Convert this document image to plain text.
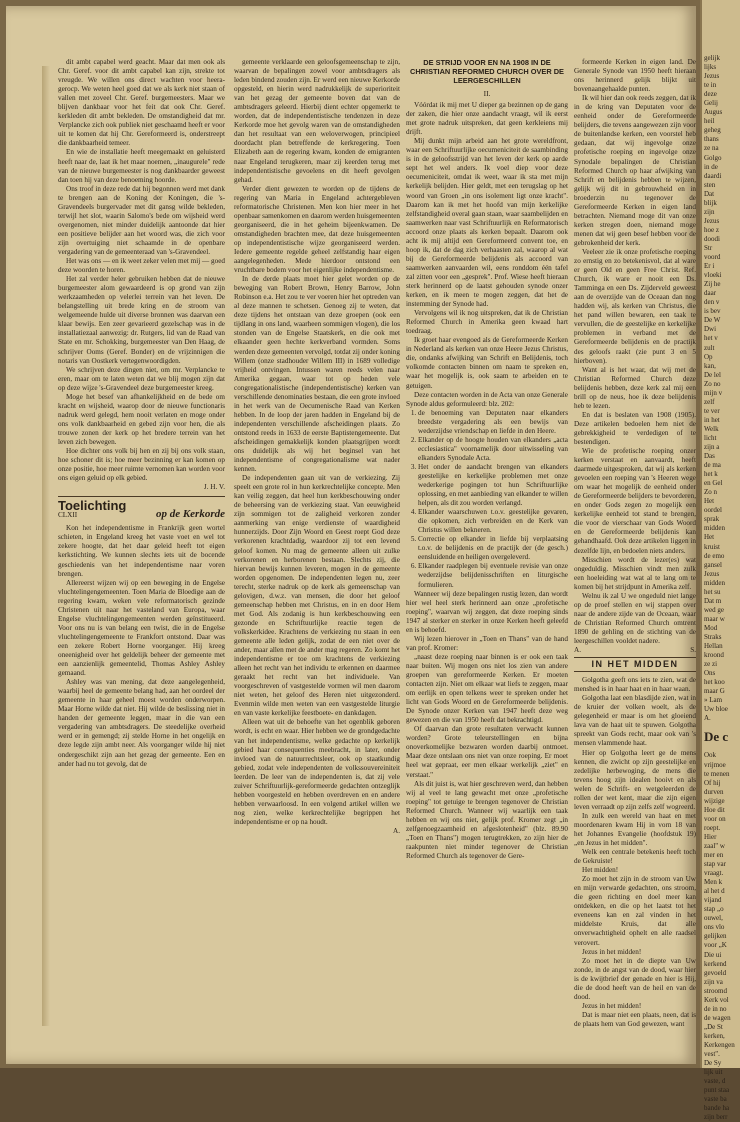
dit ambt capabel werd geacht. Maar dat men ook als Chr. Geref. voor dit ambt capabel kan zijn, strekte tot vreugde. We willen ons direct wachten voor heera-gerocp. We weten heel goed dat we als kerk niet staan of vallen met zoveel Chr. Geref. burgemeesters. Maar we blijven dankbaar voor het feit dat ook Chr. Geref. kerkleden dit ambt bekleden. De omstandigheid dat mr. Verplancke zich ook publiek niet geschaamd heeft er voor uit te komen dat hij Chr. Gereformeerd is, onderstreept die dankbaarheid temeer.

En wie de installatie heeft meegemaakt en geluisterd heeft naar de, laat ik het maar noemen, „inaugurele" rede van de nieuwe burgemeester is nog dankbaarder geweest dan toen hij van deze benoeming hoorde.

Ons troof in deze rede dat hij begonnen werd met dank te brengen aan de Koning der Koningen, die 's-Gravendeels burgervader met dit gansg wilde bekleden, terwijl het slot, waarin Salomo's bede om wijsheid werd overgenomen, niet minder duidelijk aantoonde dat hier een positieve belijder aan het woord was, die zich voor zijn overtuiging niet schaamde in de openbare vergadering van de gemeenteraad van 's-Gravendeel.

Het was ons — en ik weet zeker velen met mij — goed deze woorden te horen.

Het zal verder heler gebruiken hebben dat de nieuwe burgemeester alom gewaardeerd is op grond van zijn werkzaamheden op velerlei terrein van het leven. De belangstelling uit brede kring en de stroom van welgemeende hulde uit diverse bronnen was daarvan een klaar bewijs. Een zeer gevarieerd gezelschap was in de installatiezaal aanwezig: dr. Rutgers, lid van de Raad van State en mr. Schokking, burgemeester van Den Haag, de schrijver Ooms (Geref. Bonder) en de vrijzinnigen die notaris van Oostkerk vertegenwoordigden.

We schrijven deze dingen niet, om mr. Verplancke te eren, maar om te laten weten dat we blij mogen zijn dat op deze wijze 's-Gravendeel deze burgemeester kreeg.

Moge het besef van afhankelijkheid en de bede om kracht en wijsheid, waarop door de nieuwe functionaris nadruk werd gelegd, hem nooit verlaten en moge onder ons volk dankbaarheid en gebed zijn voor hen, die als trouwe zonen der kerk op het bredere terrein van het leven zich bewegen.

Hoe dichter ons volk bij hen en zij bij ons volk staan, hoe schoner dit is; hoe meer bezinning er kan komen op onze positie, hoe meer ruimte vernomen kan worden voor ons eigen geluid op elk gebied.

J. H. V.

Toelichting
CLXII	op de Kerkorde

Kon het independentisme in Frankrijk geen wortel schieten, in Engeland kreeg het vaste voet en wel tot zekere hoogte, dat het daar geleid heeft tot eigen kerkstichting. We kunnen slechts iets uit de bocende geschiedenis van het independentisme naar voren brengen.

Allereerst wijzen wij op een beweging in de Engelse vluchtelingengemeenten. Toen Maria de Bloedige aan de regering kwam, weken vele reformatorisch gezinde Christenen uit naar het vasteland van Europa, waar Engelse vluchtelingengemeenten werden geïnstitueerd. Voor ons nu is van belang een twist, die in de Engelse vluchtelingengemeente te Frankfort ontstond. Daar was een zekere Robert Horne voorganger. Hij kreeg oneenigheid over het geldelijk beheer der gemeente met een aanzienlijk gemeentelid, Thomas Ashley Ashley gemaand.

Ashley was van mening, dat deze aangelegenheid, waarbij heel de gemeente belang had, aan het oordeel der gemeente in haar geheel moest worden onderworpen. Maar Horne wilde dat niet. Hij wilde de beslissing niet in handen der gemeente leggen, maar in die van een vergadering van ambtsdragers. De steedelijke overheid werd er in gemengd; zij stelde Horne in het ongelijk en deze legde zijn ambt neer. Als voorganger wilde hij niet ondergeschikt zijn aan het gezag der gemeente. Een en ander had nu tot gevolg, dat de

gemeente verklaarde een geloofsgemeenschap te zijn, waarvan de bepalingen zowel voor ambtsdragers als leden bindend zouden zijn. Er werd een nieuwe Kerkorde opgesteld, en hierin werd nadrukkelijk de superioriteit van het gezag der gemeente boven dat van de ambtsdragers geleerd. Hierbij dient echter opgemerkt te worden, dat de independentistische tendenzen in deze Kerkorde moe het gevolg waren van de omstandigheden dan het resultaat van een weloverwogen, principieel doordacht plan betreffende de kerkregering. Toen Elizabeth aan de regering kwam, konden de emigranten naar Engeland terugkeren, maar zij keerden terug met independentistische gevoelens en dit heeft gevolgen gehad.

Verder dient gewezen te worden op de tijdens de regering van Maria in Engeland achtergebleven reformatorische Christenen. Men kon hier meer in het openbaar samenkomen en daarom werden huisgemeenten georganiseerd, die in het geheim bijeenkwamen. De omstandigheden brachten mee, dat deze huisgemeenten op independentistische wijze georganiseerd werden. Iedere gemeente regelde geheel zelfstandig haar eigen aangelegenheden. Mede hierdoor ontstond een vruchtbare bodem voor het eigenlijke independentisme.

In de derde plaats moet hier gelet worden op de beweging van Robert Brown, Henry Barrow, John Robinson e.a. Het zou te ver voeren hier het optreden van al deze mannen te schetsen. Genoeg zij te weten, dat deze tijdens het ontstaan van deze groepen (ook een tijdlang in ons land, waarheen sommigen vlogen), die los stonden van de Engelse Staatskerk, en die ook met elkaander geen hechte kerkverband vormden. Soms werden deze gemeenten vervolgd, totdat zij onder koning Willem (onze stadhouder Willem III) in 1689 volledige vrijheid ontvingen. Intussen waren reeds velen naar Amerika gegaan, waar tot op heden vele congregationalistische (independentistische) kerken van verschillende denominaties bestaan, die een grote invloed in het werk van de Oecumenische Raad van Kerken hebben. In de loop der jaren hadden in Engeland bij de independenten verschillende afscheidingen plaats. Zo ontstond reeds in 1633 de eerste Baptistengemeente. Dat afscheidingen gemakkelijk konden plaatsgrijpen wordt ons duidelijk als wij het beginsel van het independentisme of congregationalisme wat nader kennen.

De independenten gaan uit van de verkiezing. Zij speelt een grote rol in hun kerkrechtelijke concepte. Men kan veilig zeggen, dat heel hun kerkbeschouwing onder de beheersing van de verkiezing staat. Van eeuwigheid zijn sommigen tot de zaligheid verkoren zonder aanmerking van enige verdienste of waardigheid hunnerzijds. Door Zijn Woord en Geest roept God deze verkorenen krachtdadig, waardoor zij tot een levend geloof komen. Nu mag de gemeente alleen uit zulke verkorenen en herborenen bestaan. Slechts zij, die hiervan bewijs kunnen leveren, mogen in de gemeente worden opgenomen. De independenten legen nu, zeer terecht, sterke nadruk op de kerk als gemeenschap van gelovigen, d.w.z. van mensen, die door het geloof gemeenschap hebben met Christus, en in en door Hem met God. Als zodanig is hun kerkbeschouwing een gezonde en Schriftuurlijke reactie tegen de volkskerkidee. Krachtens de verkiezing nu staan in een gemeente alle leden gelijk, zodat de een niet over de ander, maar allen met de ander mag regeren. Zo komt het independentisme er toe om krachtens de verkiezing alleen het recht van het individu te erkennen en daarmee geraakt het recht van het individuele. Van voorgeschreven of vastgestelde vormen wil men daarom niet weten, het geloof des Heren niet uitgezonderd. Evenmin wilde men weten van een vastgestelde liturgie en van vaste kerkelijke feestboete- en dankdagen.

Alleen wat uit de behoefte van het ogenblik geboren wordt, is echt en waar. Hier hebben we de grondgedachte van het independentisme, welke gedachte op kerkelijk gebied haar consequenties meebracht, in later, onder invloed van de natuurrechtsleer, ook op staatkundig gebied, zodat vele independenten de volkssouvereiniteit leerden. De leer van de independenten is, dat zij vele zuiver Schriftuurlijk-gereformeerde gedachten ontzeglijk hebben voorgesteld en hebben overdreven en en andere hebben verwaarloosd. In een volgend artikel willen we nog zien, welke kerkrechtelijke begrippen het independentisme er op na houdt.

A.

DE STRIJD VOOR EN NA 1908 IN DE CHRISTIAN REFORMED CHURCH OVER DE LEERGESCHILLEN
II.

Vóórdat ik mij met U dieper ga bezinnen op de gang der zaken, die hier onze aandacht vraagt, wil ik eerst met grote nadruk uitspreken, dat geen kerkleiens mij drijft.

Mij dunkt mijn arbeid aan het grote wereldfront, waar een Schriftuurlijke oecumeniciteit de saambinding is in de geloofsstrijd van het leven der kerk op aarde sept het wel anders. Ik voel diep voor deze oecumeniciteit, omdat ik weet, waar ik sta met mijn kerkelijk belijden. Hier geldt, met een terugslag op het woord van Groen „in ons isolement ligt onze kracht". Daarom kan ik met het hoofd van mijn kerkelijke zelfstandigheid overal gaan staan, waar saambelijden en saamwerken naar vast Schriftuurlijk en Reformatorisch accoord onze plaats als kerken bepaalt. Daarom ook acht ik mij altijd een Gereformeerd convent toe, en hoop ik, dat de dag zich verhaasten zal, waarop al wat bij de Gereformeerde belijdenis als accoord van saamwerken aanvaarden wil, eens ronddom één tafel zal zitten voor een „gesprek". Prof. Wiese heeft hieraan sterk herinnerd op de laatst gehouden synode onzer kerken, en ik meen te mogen zeggen, dat het de instemming der Synode had.

Vervolgens wil ik nog uitspreken, dat ik de Christian Reformed Church in Amerika geen kwaad hart toedraag.

Ik groet haar evengoed als de Gereformeerde Kerken in Nederland als kerken van onze Heere Jezus Christus, die, ondanks afwijking van Schrift en Belijdenis, toch volkomde contacten binnen om naam te spreken en, waar het mogelijk is, ook saam te arbeiden en te getuigen.

Deze contacten worden in de Acta van onze Generale Synode aldus geformuleerd: blz. 202:

1. de benoeming van Deputaten naar elkanders breedste vergadering als een bewijs van wederzijdse vriendschap en liefde in den Heere.
2. Elkander op de hoogte houden van elkanders „acta ecclesiastica" voornamelijk door uitwisseling van elkanders Synodale Acta.
3. Het onder de aandacht brengen van elkanders geestelijke en kerkelijke problemen met onze wederkerige pogingen tot hun Schriftuurlijke oplossing, en met aanbieding van elkander te willen helpen, als dit zou worden verlangd.
4. Elkander waarschuwen t.o.v. geestelijke gevaren, die opkomen, zich verbreiden en de Kerk van Christus willen bekneren.
5. Correctie op elkander in liefde bij verplaatsing t.o.v. de belijdenis en de practijk der (de gesch.) eensluidende en heiligen overgeleverd.
6. Elkander raadplegen bij eventuele revisie van onze wederzijdse belijdenisschriften en liturgische formulieren.

Wanneer wij deze bepalingen rustig lezen, dan wordt hier wel heel sterk herinnerd aan onze „profetische roeping", waarvan wij zeggen, dat deze roeping sinds 1947 al sterker en sterker in onze Kerken heeft geleefd en is behoefd.

Wij lezen hierover in „Toen en Thans" van de hand van prof. Kromer:

„naast deze roeping naar binnen is er ook een taak naar buiten. Wij mogen ons niet los zien van andere groepen van gereformeerde Kerken. Er moeten contacten zijn. Niet om elkaar wat liefs te zeggen, maar om eerlijk en open telkens weer te spreken onder het licht van Gods Woord en de Gereformeerde belijdenis. De Synode onzer Kerken van 1947 heeft deze weg gewezen en die van 1950 heeft dat bekrachtigd.

Of daarvan dan grote resultaten verwacht kunnen worden? Grote teleurstellingen en bijna onoverkomelijke bezwaren worden daarbij ontmoet. Maar deze ontslaan ons niet van onze roeping. Er moet heel wat gepraat, eer men elkaar werkelijk „ziet" en verstaat."

Als dit juist is, wat hier geschreven werd, dan hebben wij al veel te lang gewacht met onze „profetische roeping" tot getuige te brengen tegenover de Christian Reformed Church. Wanneer wij waarlijk een taak hebben en wij ons niet, gelijk prof. Kromer zegt „in zelfgenoegzaamheid en afgeslotenheid" (blz. 89.90 „Toen en Thans") mogen terugtrekken, zo zijn hier de raakpunten niet minder tegenover de Christian Reformed Church als tegenover de Gere-

formeerde Kerken in eigen land. De Generale Synode van 1950 heeft hieraan ons herinnerd gelijk blijkt uit bovenaangehaalde punten.

Ik wil hier dan ook reeds zeggen, dat ik in de kring van Deputaten voor de eenheid onder de Gereformeerde belijders, die tevens aangewezen zijn voor de buitenlandse kerken, een voorstel heb gedaan, dat wij ingevolge onze profetische roeping en ingevolge onze Synodale bepalingen de Christian Reformed Church op haar afwijking van Schrift en belijdenis hebben te wijzen, gelijk wij dit in gebrouwheid en in broederzin nu tegenover de Gereformeerde Kerken in eigen land betrachten. Niemand moge dit van onze kerken stregen doen, niemand moge menen dat wij geen besef hebben voor de gebrokenheid der kerk.

Veeleer zie ik onze profetische roeping zo ernstig en zo betekenisvol, dat al ware er geen Old en geen Free Christ. Ref. Church, ik ware er nooit een Ds. Tamminga en een Ds. Zijderveld geweest aan de overzijde van de Oceaan dan nog hadden wij, als kerken van Christus, die het pand willen bewaren, een taak te vervullen, die de geestelijke en kerkelijke problemen in verband met de Gereformeerde belijdenis en de practijk des geloofs raakt (zie punt 3 en 5 hierboven).

Want al is het waar, dat wij met de Christian Reformed Church deze belijdenis hebben, deze kerk zal mij een brill op de neus, hoe ik deze belijdenis heb te lezen.

En dat is beslaten van 1908 (1905). Deze artikelen bedoelen hem niet de gebrekkigheid te verdedigen of te bestendigen.

Wie de profetische roeping onzer kerken verstaat en aanvaardt, heeft daarmede uitgesproken, dat wij als kerken gevoelen een roeping van 's Heeren wege om waar het mogelijk de eenheid onder de Gereformeerde belijders te bevorderen, en onder Gods zegen zo mogelijk een kerkelijke eenheid tot stand te brengen, die voor de vierschaar van Gods Woord en de Gereformeerde belijdenis kan gehandhaafd. Ook deze artikelen liggen in dezelfde lijn, en bedoelen niets anders.

Misschien wordt de lezer(es) wat ongeduldig. Misschien vindt men zulk een hoeleiding wat wat al te lang om te komen bij het strijdpunt in Amerika zelf.

Welnu ik zal U we ongeduld niet lange op de proef stellen en wij stappen over naar de andere zijde van de Oceaan, waar de Christian Reformed Church omtrent 1890 de gehling en de stichting van de leergeschillen vooldet nadere.

A.	S.
IN HET MIDDEN

Golgotha geeft ons iets te zien, wat de menshed is in haar haat en in haar waan.

Golgotha laat een blasdijde zien, wat in de kruier der volken woelt, als de gelegenheid er maar is om het gloeiend lava van de haat uit te spuwen. Golgotha spreekt van Gods recht, maar ook van 's mensen vlammende haat.

Hier op Golgotha leert ge de mens kennen, die zwicht op zijn geestelijke en zedelijke herbewoging, de mens die tevens hoog zijn idealen hooivt en als welen de Schrift- en wetgeleerden de rollen der wet kent, maar die zijn eigen leven verraadt op zijn zelfs zelf wogreerd.

In zulk een wereld van haat en met moordenaren kwam Hij in vorn 18 van het Johannes Evangelie (hoofdstuk 19) „en Jezus in het midden".

Welk een centrale betekenis heeft toch de Gekruiste!

Het midden!

Zo moet het zijn in de stroom van Uw en mijn verwarde gedachten, ons stroom, die geen richting en doel meer kan ontdekken, en die op het laatst tot het eveneens kan en zal vinden in het middelste Kruis, dat alle onverwachtigheid ophelt en alle raadsel verovert.

Jezus in het midden!

Zo moet het in de diepte van Uw zonde, in de angst van de dood, waar hier is de kwijtbrief der genade en hier is Hij, die de dood heeft van de heil en van de dood.

Jezus in het midden!

Dat is maar niet een plaats, neen, dat is de plaats hem van God gewezen, want

gelijk
lijks
Jezus
te in
deze
Gelij
Augus
heil
geheg
thans
ze na
Golgo
in de
daardi
sten
Dat
blijk
zijn
Jezus
hoe z
doodi
Str
voord
Er i
vloeki
Zij he
daar
den v
is bev
De W
Dwi
het v
zult
Op
kan,
De lel
Zo no
mijn v
zelf
te ver
in het
Welk
licht
zijn a
Das
de ma
het k
en Gel
Zo n
Het
oordel
sprak
midden
Het
kruist
de emo
gansel
Jezus
midden
het su
Dat m
wed ge
maar w
Mod
Straks
Hellan
kroond
ze zi
Ons
het koo
maar G
» Lam
Uw bloe
A.
De c
Ook
vrijmoe
te menen
Of hij
durven
wijzige
Hoe dit
voor on
roept.
Hier
zaal" w
mer en
stap var
vraagt.
Men k
al het d
vijand
stap „o
ouwel,
ons vlo
gelijken
voor „K
Die ui
kerkend
gevoeld
zijn va
stroomd
Kerk vol
de in no
de wagen
„De St
kerken,
Kerkengen
vest".
De Sy
lijk uit
vaste, d
punt staa
vaste ba
bande ha
zijn berr
